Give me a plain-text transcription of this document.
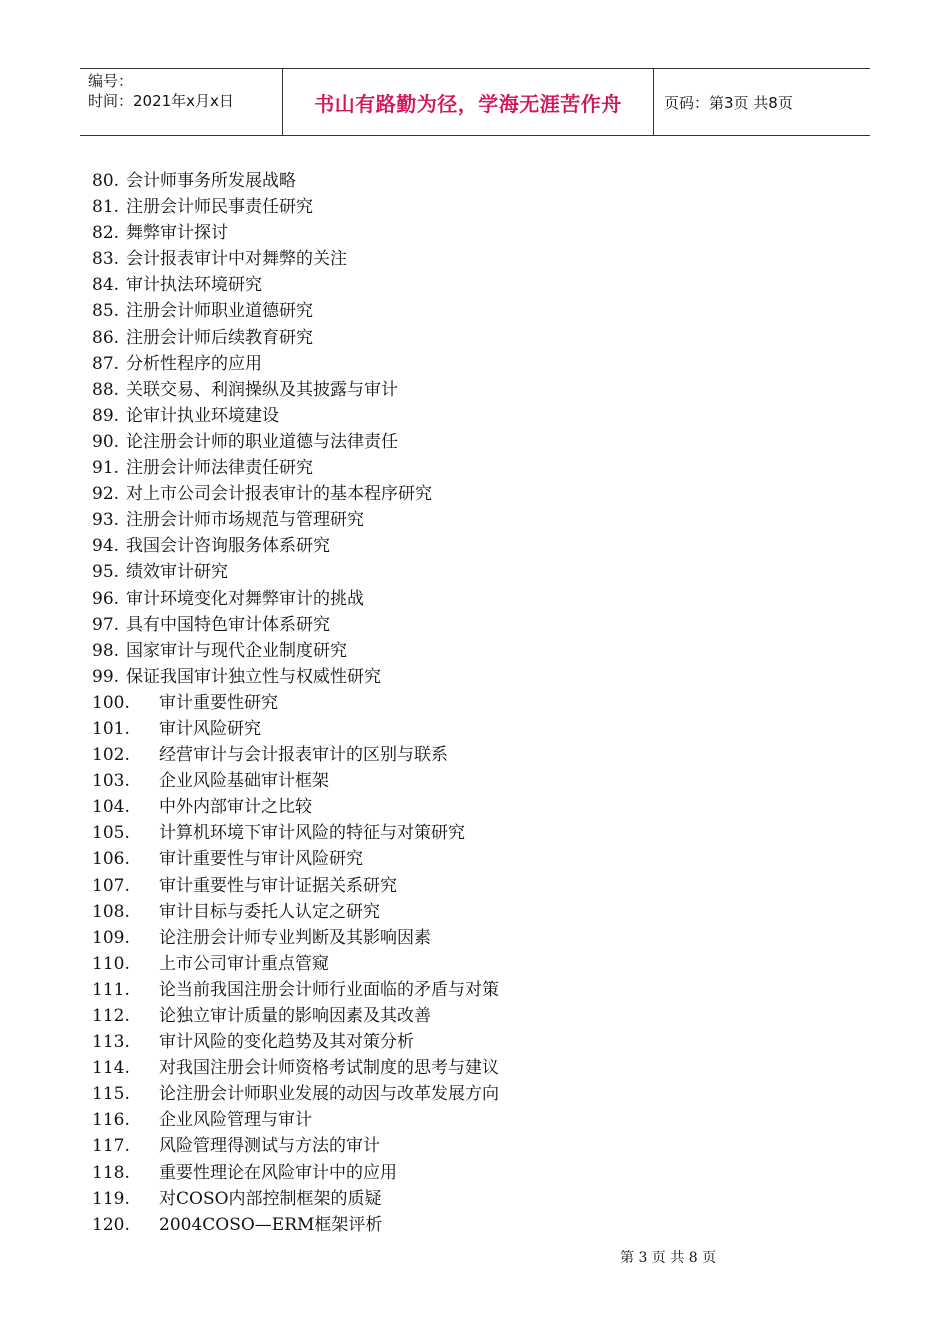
编号：
时间：2021年x月x日	书山有路勤为径，学海无涯苦作舟	页码：第3页 共8页
80. 会计师事务所发展战略
81. 注册会计师民事责任研究
82. 舞弊审计探讨
83. 会计报表审计中对舞弊的关注
84. 审计执法环境研究
85. 注册会计师职业道德研究
86. 注册会计师后续教育研究
87. 分析性程序的应用
88. 关联交易、利润操纵及其披露与审计
89. 论审计执业环境建设
90. 论注册会计师的职业道德与法律责任
91. 注册会计师法律责任研究
92. 对上市公司会计报表审计的基本程序研究
93. 注册会计师市场规范与管理研究
94. 我国会计咨询服务体系研究
95. 绩效审计研究
96. 审计环境变化对舞弊审计的挑战
97. 具有中国特色审计体系研究
98. 国家审计与现代企业制度研究
99. 保证我国审计独立性与权威性研究
100.	审计重要性研究
101.	审计风险研究
102.	经营审计与会计报表审计的区别与联系
103.	企业风险基础审计框架
104.	中外内部审计之比较
105.	计算机环境下审计风险的特征与对策研究
106.	审计重要性与审计风险研究
107.	审计重要性与审计证据关系研究
108.	审计目标与委托人认定之研究
109.	论注册会计师专业判断及其影响因素
110.	上市公司审计重点管窥
111.	论当前我国注册会计师行业面临的矛盾与对策
112.	论独立审计质量的影响因素及其改善
113.	审计风险的变化趋势及其对策分析
114.	对我国注册会计师资格考试制度的思考与建议
115.	论注册会计师职业发展的动因与改革发展方向
116.	企业风险管理与审计
117.	风险管理得测试与方法的审计
118.	重要性理论在风险审计中的应用
119.	对COSO内部控制框架的质疑
120.	2004COSO—ERM框架评析
第 3 页 共 8 页
